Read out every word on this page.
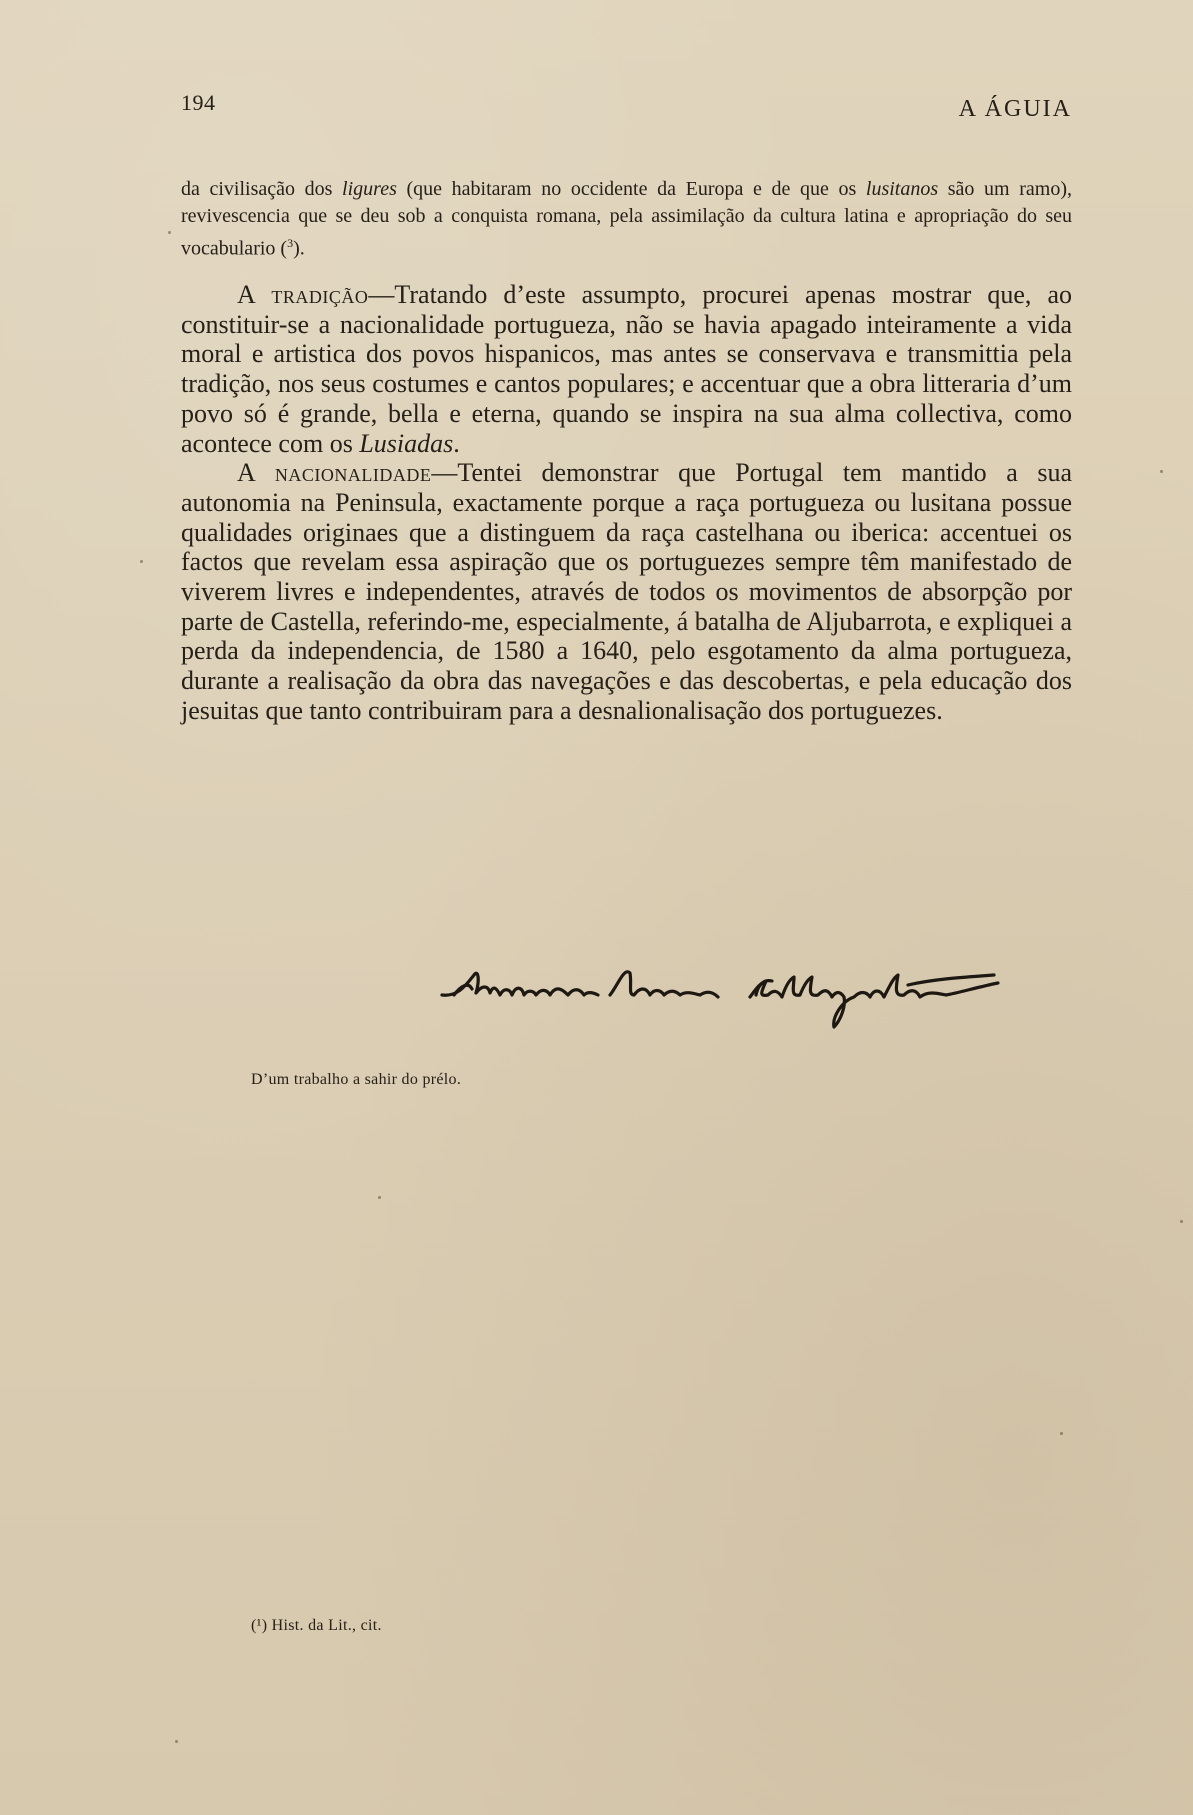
194	A ÁGUIA

da civilisação dos ligures (que habitaram no occidente da Europa e de que os lusitanos são um ramo), revivescencia que se deu sob a conquista romana, pela assimilação da cultura latina e apropriação do seu vocabulario ($^3$).

A tradição—Tratando d’este assumpto, procurei apenas mostrar que, ao constituir-se a nacionalidade portugueza, não se havia apagado inteiramente a vida moral e artistica dos povos hispanicos, mas antes se conservava e transmittia pela tradição, nos seus costumes e cantos populares; e accentuar que a obra litteraria d’um povo só é grande, bella e eterna, quando se inspira na sua alma collectiva, como acontece com os Lusiadas.

A nacionalidade—Tentei demonstrar que Portugal tem mantido a sua autonomia na Peninsula, exactamente porque a raça portugueza ou lusitana possue qualidades originaes que a distinguem da raça castelhana ou iberica: accentuei os factos que revelam essa aspiração que os portuguezes sempre têm manifestado de viverem livres e independentes, através de todos os movimentos de absorpção por parte de Castella, referindo-me, especialmente, á batalha de Aljubarrota, e expliquei a perda da independencia, de 1580 a 1640, pelo esgotamento da alma portugueza, durante a realisação da obra das navegações e das descobertas, e pela educação dos jesuitas que tanto contribuiram para a desnalionalisação dos portuguezes.

Alfredo Coelho de Magalhães
D’um trabalho a sahir do prélo.
(¹) Hist. da Lit., cit.
